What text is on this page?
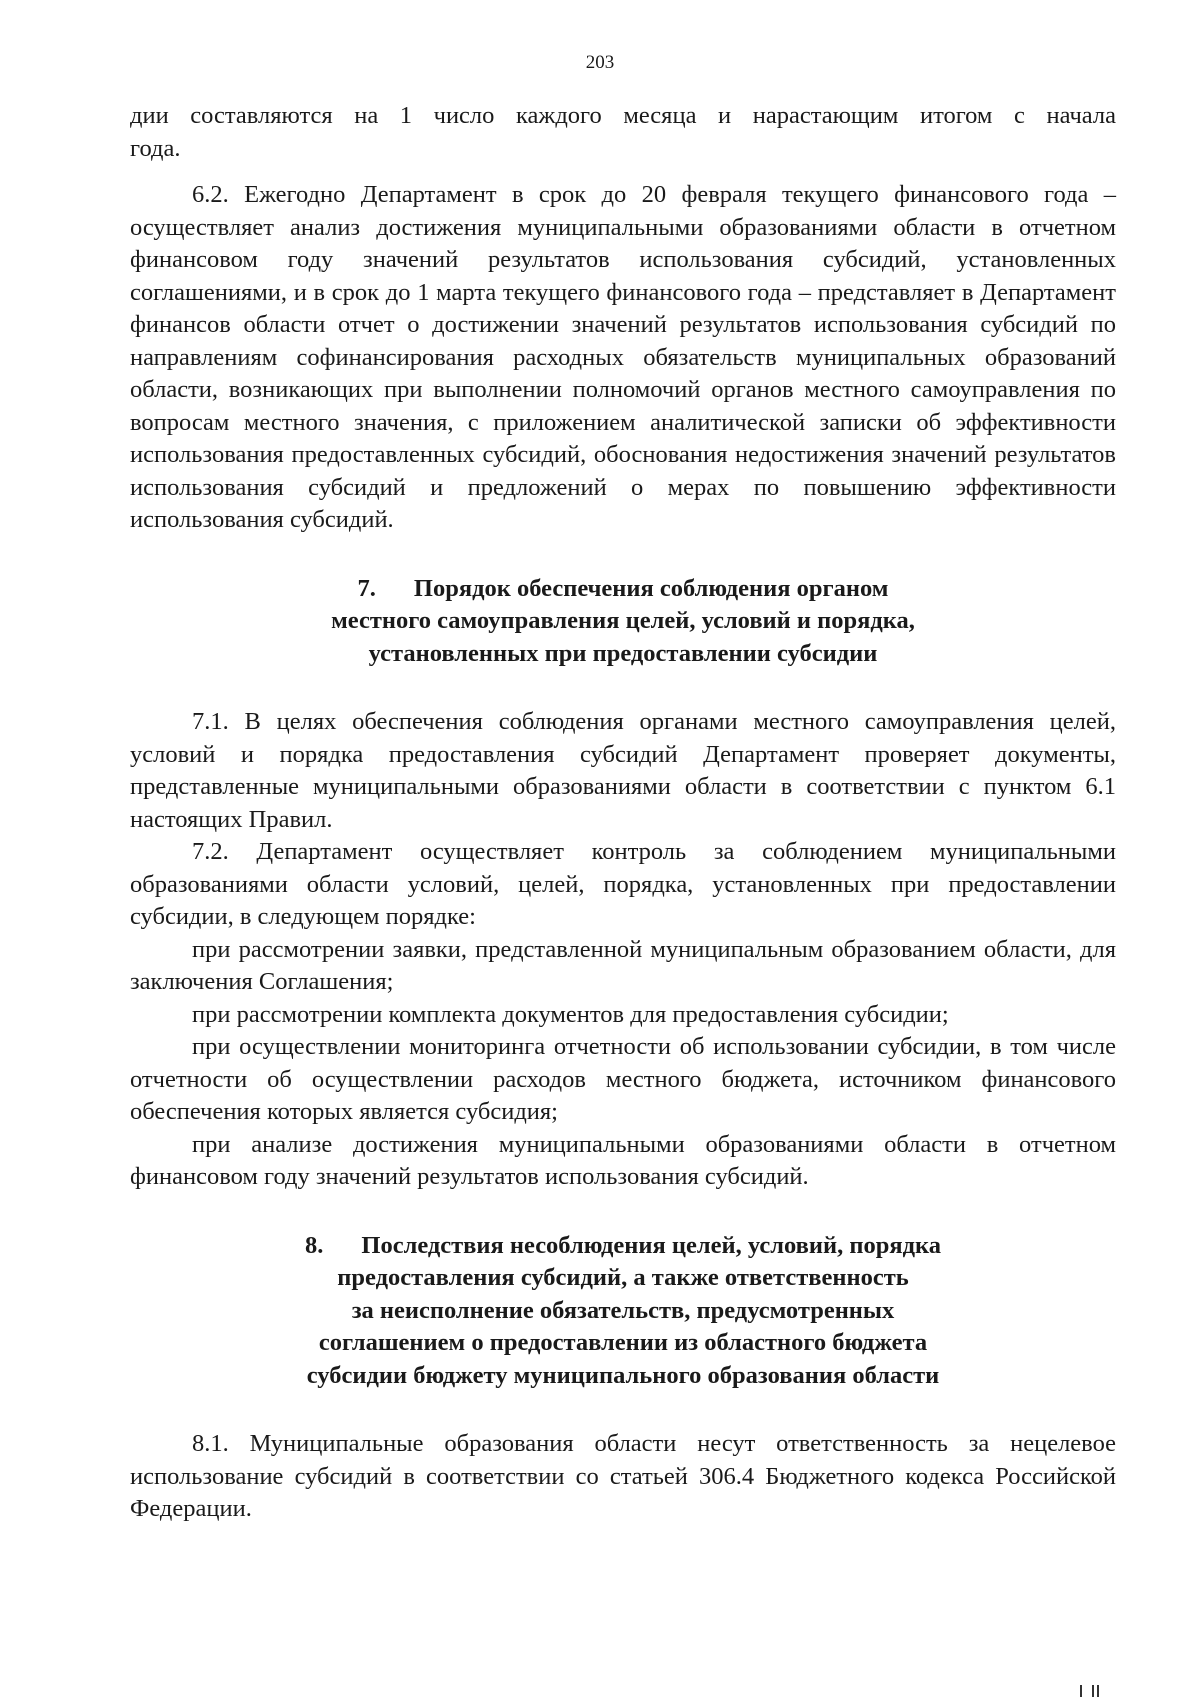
203

дии составляются на 1 число каждого месяца и нарастающим итогом с начала

года.

6.2. Ежегодно Департамент в срок до 20 февраля текущего финансового года – осуществляет анализ достижения муниципальными образованиями области в отчетном финансовом году значений результатов использования субсидий, установленных соглашениями, и в срок до 1 марта текущего финансового года – представляет в Департамент финансов области отчет о достижении значений результатов использования субсидий по направлениям софинансирования расходных обязательств муниципальных образований области, возникающих при выполнении полномочий органов местного самоуправления по вопросам местного значения, с приложением аналитической записки об эффективности использования предоставленных субсидий, обоснования недостижения значений результатов использования субсидий и предложений о мерах по повышению эффективности использования субсидий.

7. Порядок обеспечения соблюдения органом
местного самоуправления целей, условий и порядка,
установленных при предоставлении субсидии

7.1. В целях обеспечения соблюдения органами местного самоуправления целей, условий и порядка предоставления субсидий Департамент проверяет документы, представленные муниципальными образованиями области в соответствии с пунктом 6.1 настоящих Правил.

7.2. Департамент осуществляет контроль за соблюдением муниципальными образованиями области условий, целей, порядка, установленных при предоставлении субсидии, в следующем порядке:

при рассмотрении заявки, представленной муниципальным образованием области, для заключения Соглашения;

при рассмотрении комплекта документов для предоставления субсидии;

при осуществлении мониторинга отчетности об использовании субсидии, в том числе отчетности об осуществлении расходов местного бюджета, источником финансового обеспечения которых является субсидия;

при анализе достижения муниципальными образованиями области в отчетном финансовом году значений результатов использования субсидий.

8. Последствия несоблюдения целей, условий, порядка
предоставления субсидий, а также ответственность
за неисполнение обязательств, предусмотренных
соглашением о предоставлении из областного бюджета
субсидии бюджету муниципального образования области

8.1. Муниципальные образования области несут ответственность за нецелевое использование субсидий в соответствии со статьей 306.4 Бюджетного кодекса Российской Федерации.
